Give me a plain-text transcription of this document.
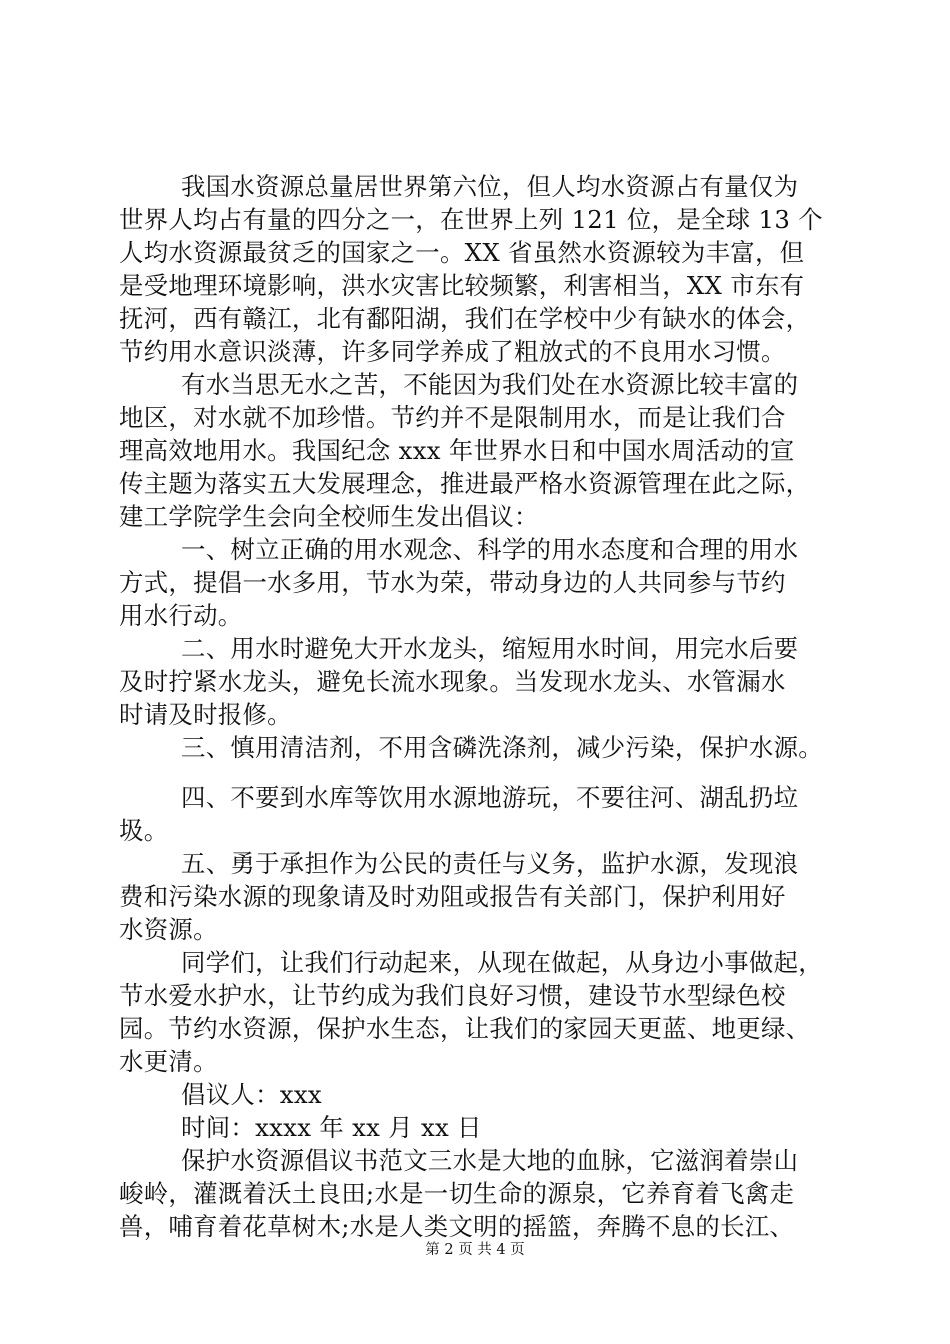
我国水资源总量居世界第六位，但人均水资源占有量仅为
世界人均占有量的四分之一，在世界上列 121 位，是全球 13 个
人均水资源最贫乏的国家之一。XX 省虽然水资源较为丰富，但
是受地理环境影响，洪水灾害比较频繁，利害相当，XX 市东有
抚河，西有赣江，北有鄱阳湖，我们在学校中少有缺水的体会，
节约用水意识淡薄，许多同学养成了粗放式的不良用水习惯。
有水当思无水之苦，不能因为我们处在水资源比较丰富的
地区，对水就不加珍惜。节约并不是限制用水，而是让我们合
理高效地用水。我国纪念 xxx 年世界水日和中国水周活动的宣
传主题为落实五大发展理念，推进最严格水资源管理在此之际，
建工学院学生会向全校师生发出倡议：
一、树立正确的用水观念、科学的用水态度和合理的用水
方式，提倡一水多用，节水为荣，带动身边的人共同参与节约
用水行动。
二、用水时避免大开水龙头，缩短用水时间，用完水后要
及时拧紧水龙头，避免长流水现象。当发现水龙头、水管漏水
时请及时报修。
三、慎用清洁剂，不用含磷洗涤剂，减少污染，保护水源。
四、不要到水库等饮用水源地游玩，不要往河、湖乱扔垃
圾。
五、勇于承担作为公民的责任与义务，监护水源，发现浪
费和污染水源的现象请及时劝阻或报告有关部门，保护利用好
水资源。
同学们，让我们行动起来，从现在做起，从身边小事做起，
节水爱水护水，让节约成为我们良好习惯，建设节水型绿色校
园。节约水资源，保护水生态，让我们的家园天更蓝、地更绿、
水更清。
倡议人：xxx
时间：xxxx 年 xx 月 xx 日
保护水资源倡议书范文三水是大地的血脉，它滋润着崇山
峻岭，灌溉着沃土良田;水是一切生命的源泉，它养育着飞禽走
兽，哺育着花草树木;水是人类文明的摇篮，奔腾不息的长江、
第 2 页 共 4 页
